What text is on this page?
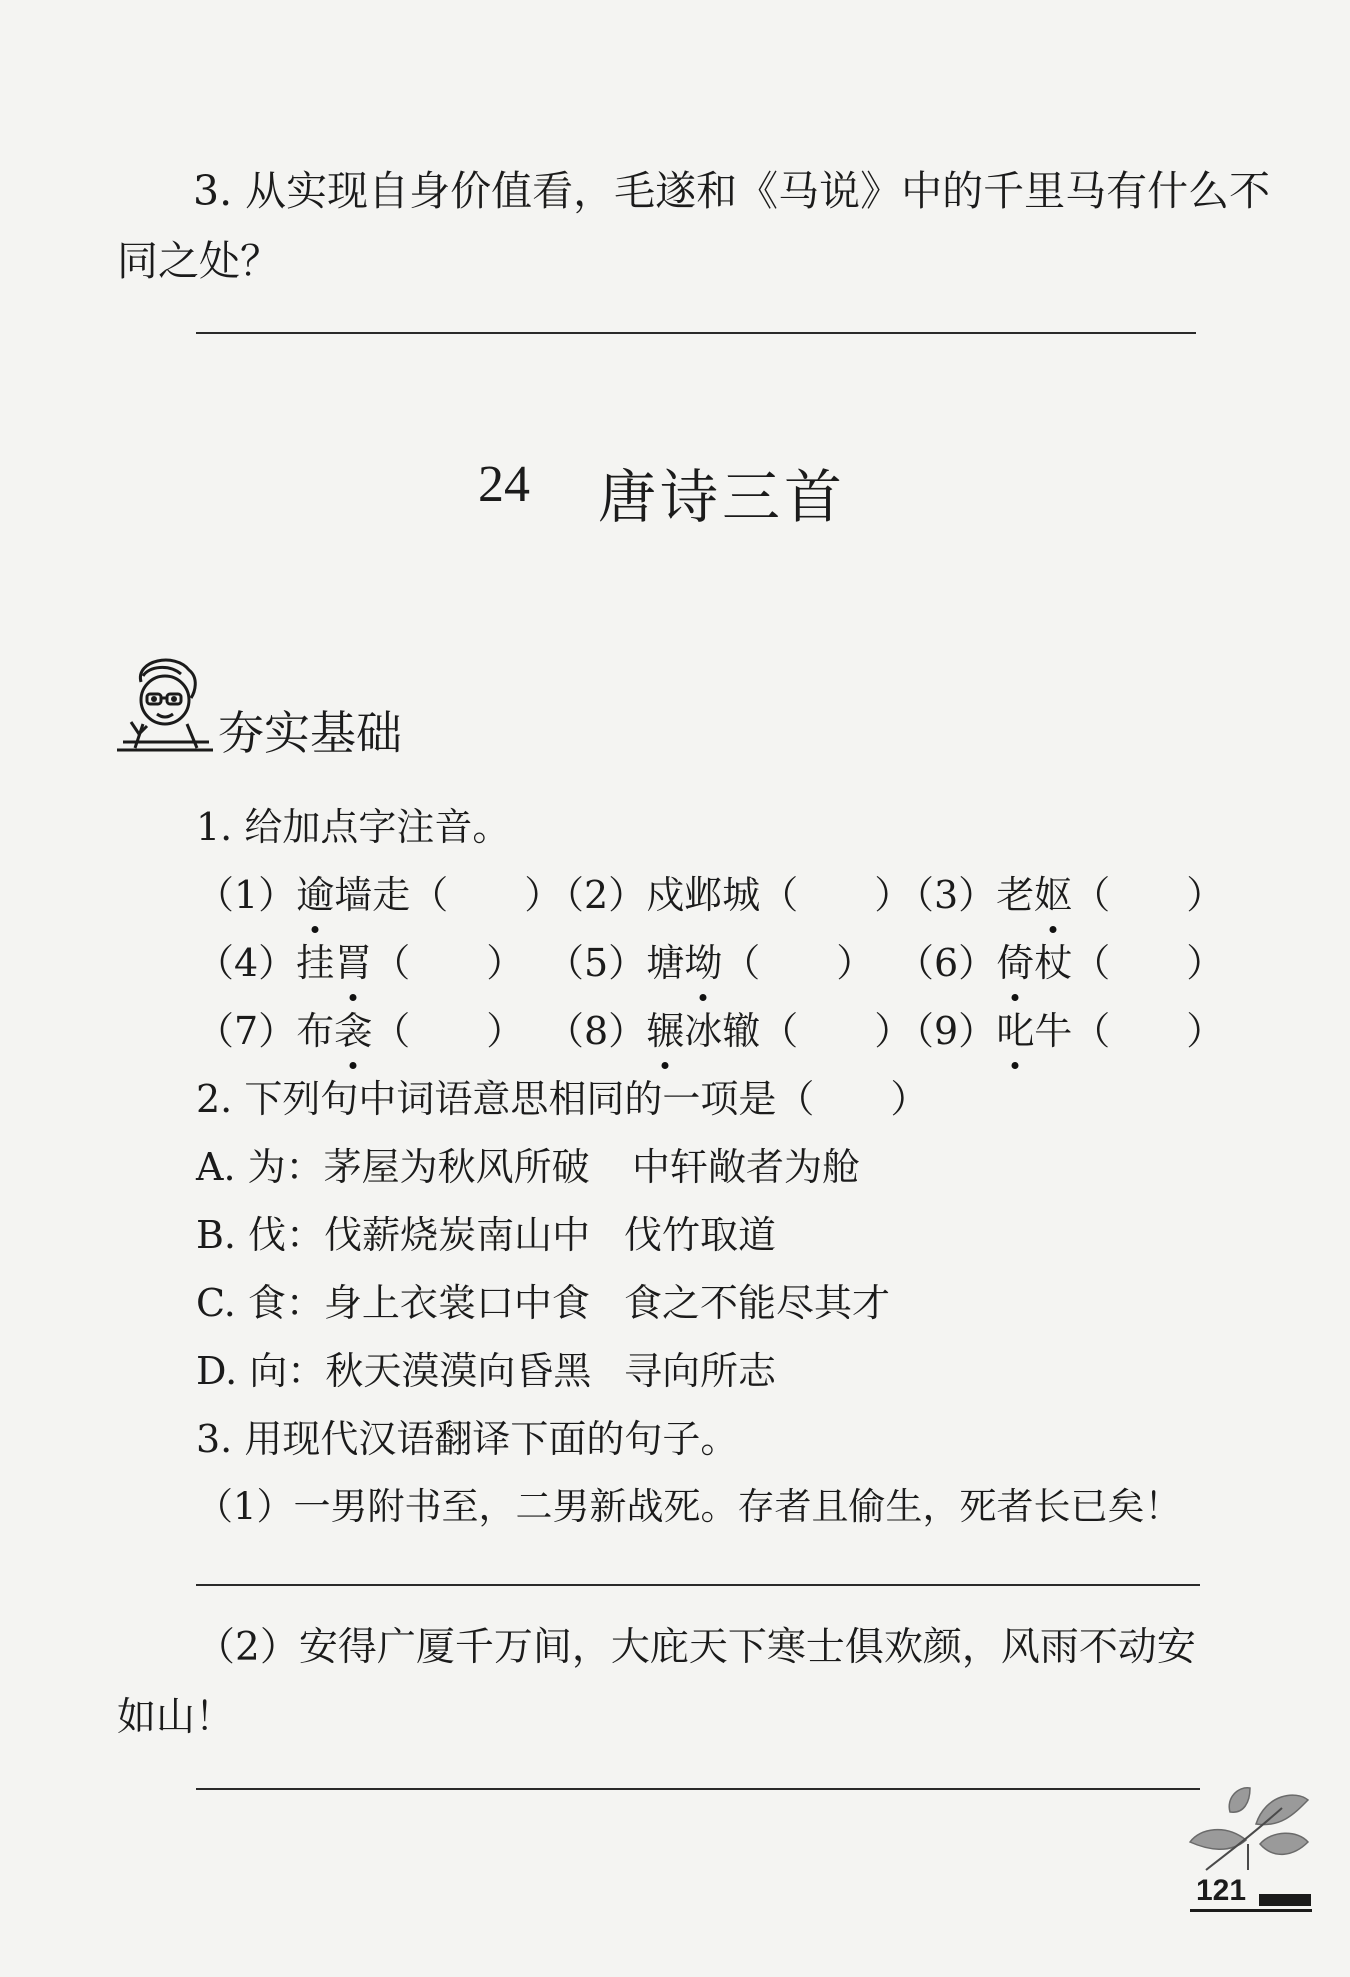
3. 从实现自身价值看，毛遂和《马说》中的千里马有什么不
同之处？
24 唐诗三首
夯实基础
1. 给加点字注音。
（1）逾墙走（　　）
（2）戍邺城（　　）
（3）老妪（　　）
（4）挂罥（　　） （5）塘坳（　　） （6）倚杖（　　）
（7）布衾（　　） （8）辗冰辙（　　）
（9）叱牛（　　）
2. 下列句中词语意思相同的一项是（　　）
A. 为：茅屋为秋风所破 中轩敞者为舱
B. 伐：伐薪烧炭南山中 伐竹取道
C. 食：身上衣裳口中食 食之不能尽其才
D. 向：秋天漠漠向昏黑 寻向所志
3. 用现代汉语翻译下面的句子。
（1）一男附书至，二男新战死。存者且偷生，死者长已矣！
（2）安得广厦千万间，大庇天下寒士俱欢颜，风雨不动安
如山！
121
